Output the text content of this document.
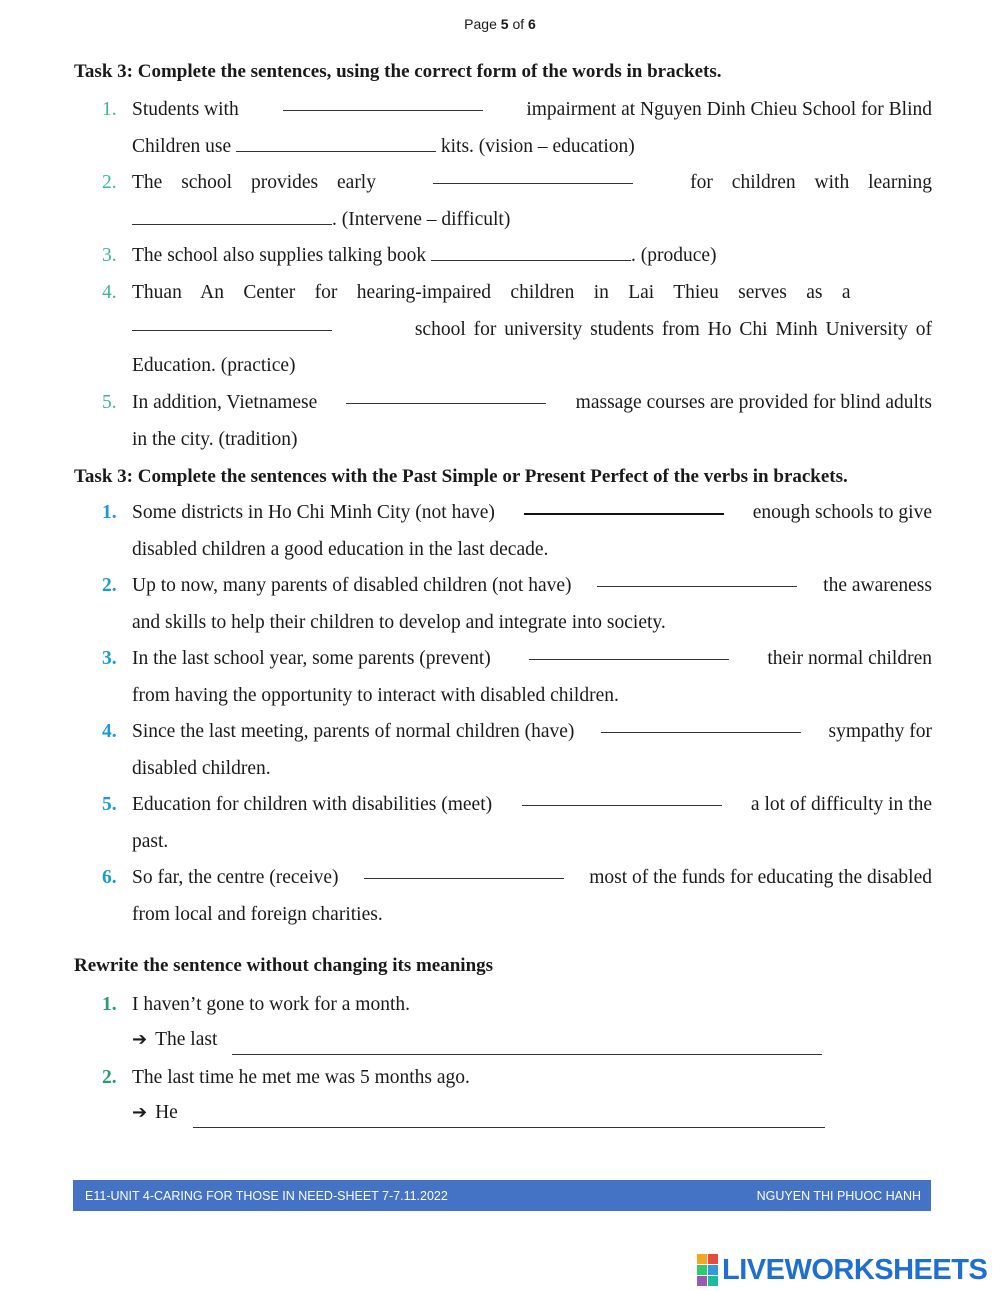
Page 5 of 6
Task 3: Complete the sentences, using the correct form of the words in brackets.
1. Students with	impairment at Nguyen Dinh Chieu School for Blind
Children use	kits. (vision – education)
2. The school provides early	for children with learning
. (Intervene – difficult)
3. The school also supplies talking book	. (produce)
4. Thuan An Center for hearing-impaired children in Lai Thieu serves as a
school for university students from Ho Chi Minh University of
Education. (practice)
5. In addition, Vietnamese	massage courses are provided for blind adults
in the city. (tradition)
Task 3: Complete the sentences with the Past Simple or Present Perfect of the verbs in brackets.
1. Some districts in Ho Chi Minh City (not have)	enough schools to give
disabled children a good education in the last decade.
2. Up to now, many parents of disabled children (not have)	the awareness
and skills to help their children to develop and integrate into society.
3. In the last school year, some parents (prevent)	their normal children
from having the opportunity to interact with disabled children.
4. Since the last meeting, parents of normal children (have)	sympathy for
disabled children.
5. Education for children with disabilities (meet)	a lot of difficulty in the
past.
6. So far, the centre (receive)	most of the funds for educating the disabled
from local and foreign charities.
Rewrite the sentence without changing its meanings
1. I haven’t gone to work for a month.
➔ The last
2. The last time he met me was 5 months ago.
➔ He
E11-UNIT 4-CARING FOR THOSE IN NEED-SHEET 7-7.11.2022	NGUYEN THI PHUOC HANH
LIVEWORKSHEETS
